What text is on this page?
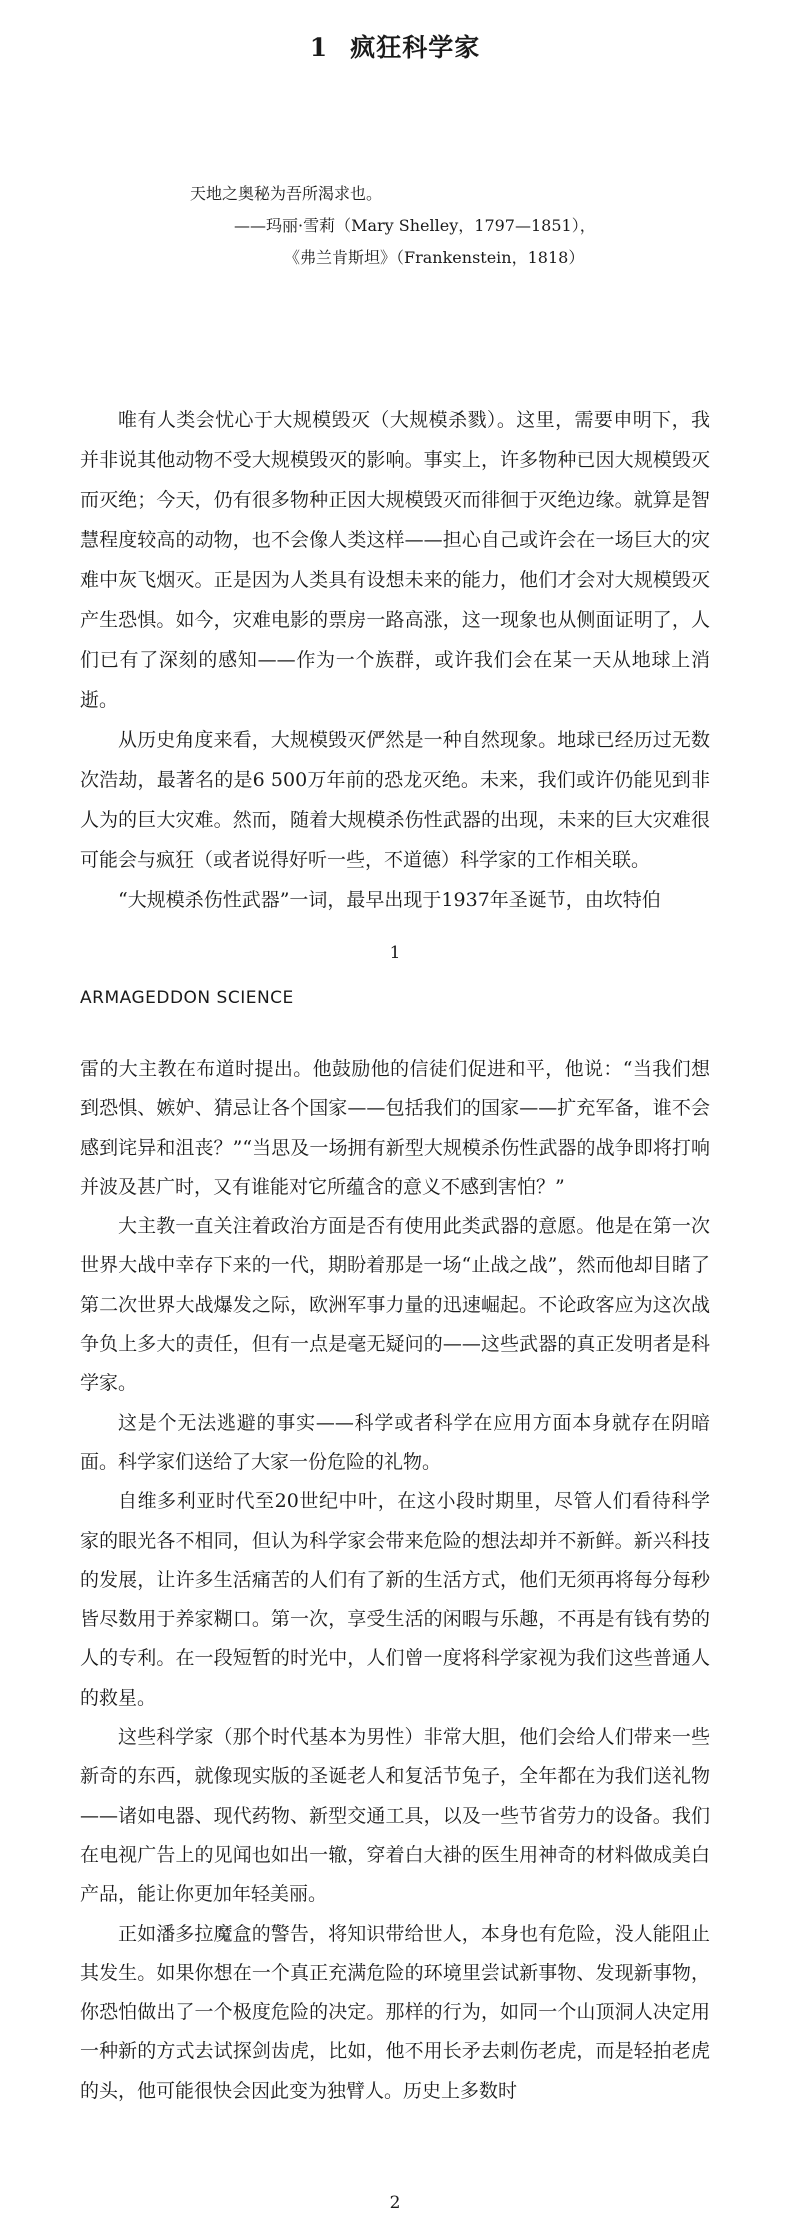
1 疯狂科学家
天地之奥秘为吾所渴求也。
——玛丽·雪莉（Mary Shelley，1797—1851），
《弗兰肯斯坦》（Frankenstein，1818）

唯有人类会忧心于大规模毁灭（大规模杀戮）。这里，需要申明下，我并非说其他动物不受大规模毁灭的影响。事实上，许多物种已因大规模毁灭而灭绝；今天，仍有很多物种正因大规模毁灭而徘徊于灭绝边缘。就算是智慧程度较高的动物，也不会像人类这样——担心自己或许会在一场巨大的灾难中灰飞烟灭。正是因为人类具有设想未来的能力，他们才会对大规模毁灭产生恐惧。如今，灾难电影的票房一路高涨，这一现象也从侧面证明了，人们已有了深刻的感知——作为一个族群，或许我们会在某一天从地球上消逝。

从历史角度来看，大规模毁灭俨然是一种自然现象。地球已经历过无数次浩劫，最著名的是6 500万年前的恐龙灭绝。未来，我们或许仍能见到非人为的巨大灾难。然而，随着大规模杀伤性武器的出现，未来的巨大灾难很可能会与疯狂（或者说得好听一些，不道德）科学家的工作相关联。

“大规模杀伤性武器”一词，最早出现于1937年圣诞节，由坎特伯

1
ARMAGEDDON SCIENCE

雷的大主教在布道时提出。他鼓励他的信徒们促进和平，他说：“当我们想到恐惧、嫉妒、猜忌让各个国家——包括我们的国家——扩充军备，谁不会感到诧异和沮丧？”“当思及一场拥有新型大规模杀伤性武器的战争即将打响并波及甚广时，又有谁能对它所蕴含的意义不感到害怕？”

大主教一直关注着政治方面是否有使用此类武器的意愿。他是在第一次世界大战中幸存下来的一代，期盼着那是一场“止战之战”，然而他却目睹了第二次世界大战爆发之际，欧洲军事力量的迅速崛起。不论政客应为这次战争负上多大的责任，但有一点是毫无疑问的——这些武器的真正发明者是科学家。

这是个无法逃避的事实——科学或者科学在应用方面本身就存在阴暗面。科学家们送给了大家一份危险的礼物。

自维多利亚时代至20世纪中叶，在这小段时期里，尽管人们看待科学家的眼光各不相同，但认为科学家会带来危险的想法却并不新鲜。新兴科技的发展，让许多生活痛苦的人们有了新的生活方式，他们无须再将每分每秒皆尽数用于养家糊口。第一次，享受生活的闲暇与乐趣，不再是有钱有势的人的专利。在一段短暂的时光中，人们曾一度将科学家视为我们这些普通人的救星。

这些科学家（那个时代基本为男性）非常大胆，他们会给人们带来一些新奇的东西，就像现实版的圣诞老人和复活节兔子，全年都在为我们送礼物——诸如电器、现代药物、新型交通工具，以及一些节省劳力的设备。我们在电视广告上的见闻也如出一辙，穿着白大褂的医生用神奇的材料做成美白产品，能让你更加年轻美丽。

正如潘多拉魔盒的警告，将知识带给世人，本身也有危险，没人能阻止其发生。如果你想在一个真正充满危险的环境里尝试新事物、发现新事物，你恐怕做出了一个极度危险的决定。那样的行为，如同一个山顶洞人决定用一种新的方式去试探剑齿虎，比如，他不用长矛去刺伤老虎，而是轻拍老虎的头，他可能很快会因此变为独臂人。历史上多数时

2
